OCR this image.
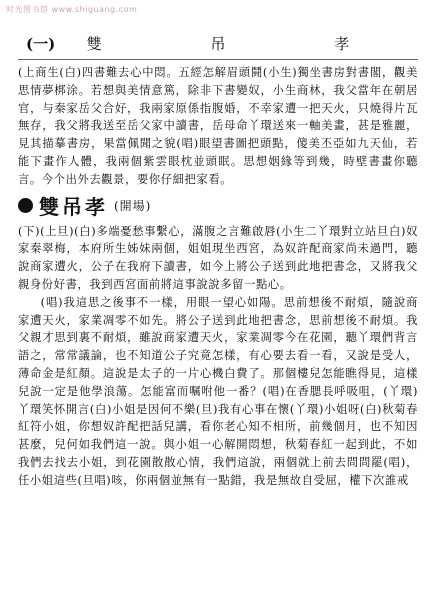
时光图书馆 www.shiguang.com
(一)	雙 吊 孝

(上商生(白)四書難去心中悶。五經怎解眉頭鬪(小生)獨坐書房對書閣，觀美思情夢梆涂。若想與美情意篤，除非下書變奴，小生商林，我父當年在朝居官，与秦家岳父合好，我兩家原係指腹婚，不幸家遭一把天火，只燒得片瓦無存，我父將我送至岳父家中讀書，岳母命丫環送來一軸美畫，甚是雅麗，見其描摹書房，果當佩聞之貌(唱)眼望書圖把頭點，傻美丕亞如九天仙，若能下畫作人體，我兩個紫雲眼枕並頭眠。思想姻緣等到幾，時壁書畫你聽言。今个出外去觀景，要你仔細把家看。

雙吊孝 (開場)

(下)(上旦)(白)多端憂愁事繫心，滿腹之言難啟唇(小生二丫環對立站旦白)奴家秦翠梅，本府所生姊妹兩個，姐姐現坐西宮，為奴許配商家尚未過門，聽說商家遭火，公子在我府下讀書，如今上將公子送到此地把書念，又將我父親身份好書，我到西宮面前將這事說說多留一點心。

(唱)我這思之後事不一樣，用眼一望心如陽。思前想後不耐煩，隨說商家遭天火，家業凋零不如先。將公子送到此地把書念，思前想後不耐煩。我父親才思到裏不耐煩，雖說商家遭天火，家業凋零今在花園，聽丫環們背言語之，常常議論，也不知道公子究竟怎樣，有心要去看一看，又說是受人，薄命金是紅顏。這說是太子的一片心機白費了。那個樓兒怎能瞧得見，這樣兒說一定是他學浪蕩。怎能富而嘱咐他一番？(唱)在香腮長呼吸咀，(丫環)丫環笑怀開言(白)小姐是因何不樂(旦)我有心事在懷(丫環)小姐呀(白)秋菊春紅符小姐，你想奴許配把話兒講，看你老心知不相所，前幾個月，也不知因甚麼，兒何如我們這一說。與小姐一心解開悶想，秋菊春紅一起到此，不如我們去找去小姐，到花園散散心情，我們這說，兩個就上前去問問罷(唱)，任小姐這些(旦唱)咳，你兩個並無有一點錯，我是無故自受屈，權下次誰戒
